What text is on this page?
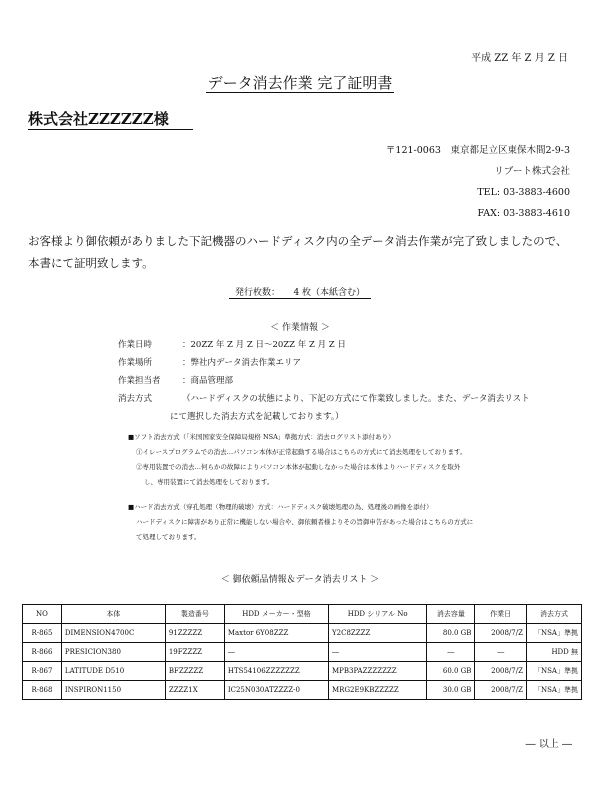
平成 ZZ 年 Z 月 Z 日
データ消去作業 完了証明書
株式会社ZZZZZZ様
〒121-0063　東京都足立区東保木間2-9-3
リブート株式会社
TEL: 03-3883-4600
FAX: 03-3883-4610
お客様より御依頼がありました下記機器のハードディスク内の全データ消去作業が完了致しましたので、本書にて証明致します。
発行枚数：　　4 枚（本紙含む）
＜ 作業情報 ＞
作業日時	：20ZZ 年 Z 月 Z 日〜20ZZ 年 Z 月 Z 日
作業場所	：弊社内データ消去作業エリア
作業担当者	：商品管理部
消去方式	（ハードディスクの状態により、下記の方式にて作業致しました。また、データ消去リスト
にて選択した消去方式を記載しております。）
■ソフト消去方式（「米国国家安全保障局規格 NSA」準拠方式：消去ログリスト添付あり）
①イレースプログラムでの消去…パソコン本体が正常起動する場合はこちらの方式にて消去処理をしております。
②専用装置での消去…何らかの故障によりパソコン本体が起動しなかった場合は本体よりハードディスクを取外
し、専用装置にて消去処理をしております。
■ハード消去方式（穿孔処理（物理的破壊）方式：ハードディスク破壊処理の為、処理後の画像を添付）
ハードディスクに障害があり正常に機能しない場合や、御依頼者様よりその旨御申告があった場合はこちらの方式に
て処理しております。
＜ 御依頼品情報＆データ消去リスト ＞
NO	本体	製造番号	HDD メーカー・型格	HDD シリアル No	消去容量	作業日	消去方式
R-865	DIMENSION4700C	91ZZZZZ	Maxtor 6Y08ZZZ	Y2C8ZZZZ	80.0 GB	2008/7/Z	「NSA」準拠
R-866	PRESICION380	19FZZZZ	―	―	―	―	HDD 無
R-867	LATITUDE D510	BFZZZZZ	HTS54106ZZZZZZZ	MPB3PAZZZZZZZ	60.0 GB	2008/7/Z	「NSA」準拠
R-868	INSPIRON1150	ZZZZ1X	IC25N030ATZZZZ-0	MRG2E9KBZZZZZ	30.0 GB	2008/7/Z	「NSA」準拠
― 以上 ―
